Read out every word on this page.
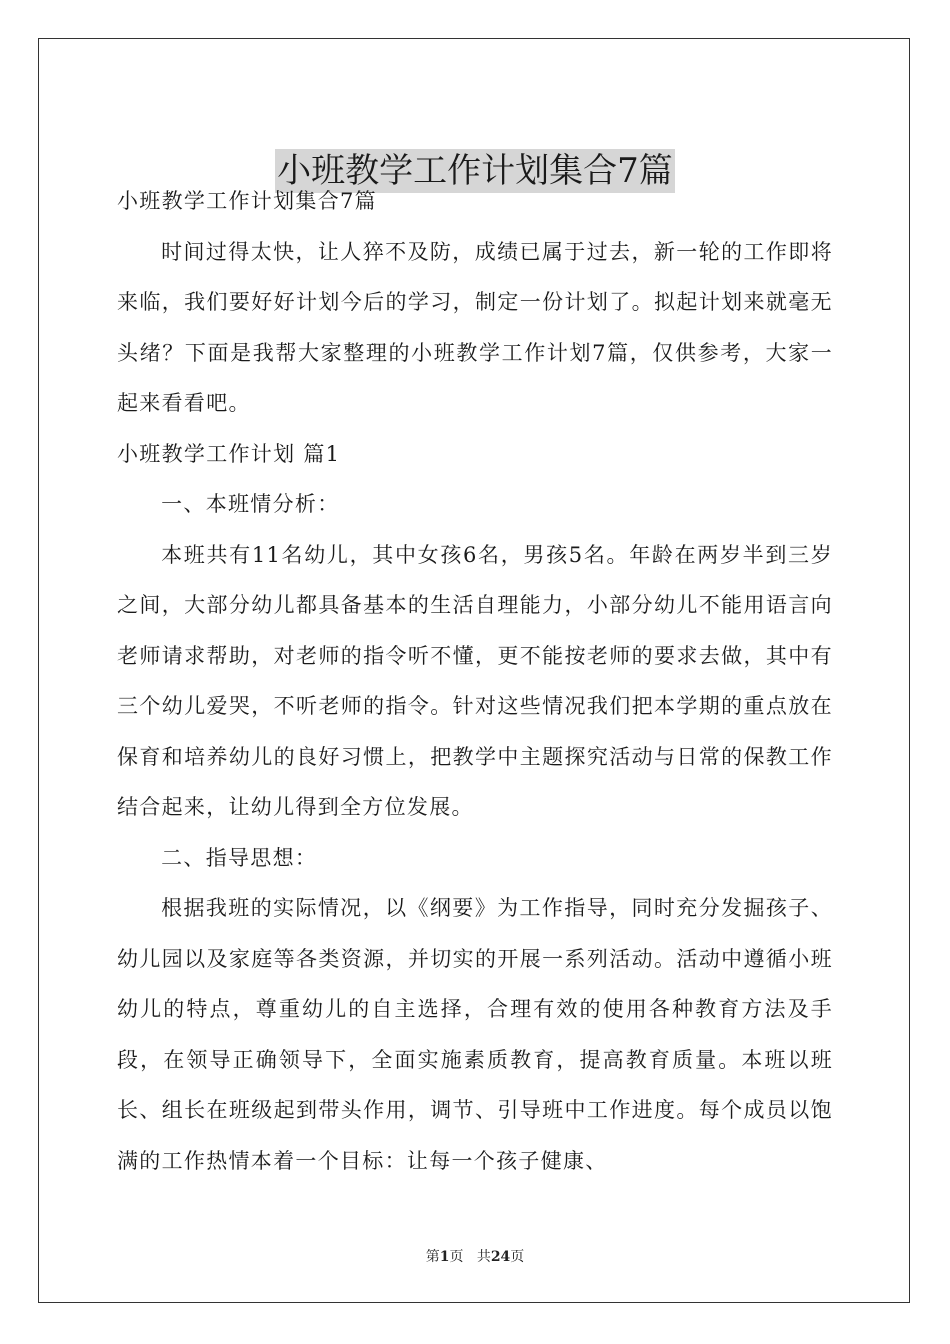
小班教学工作计划集合7篇

小班教学工作计划集合7篇

时间过得太快，让人猝不及防，成绩已属于过去，新一轮的工作即将来临，我们要好好计划今后的学习，制定一份计划了。拟起计划来就毫无头绪？下面是我帮大家整理的小班教学工作计划7篇，仅供参考，大家一起来看看吧。

小班教学工作计划 篇1

一、本班情分析：

本班共有11名幼儿，其中女孩6名，男孩5名。年龄在两岁半到三岁之间，大部分幼儿都具备基本的生活自理能力，小部分幼儿不能用语言向老师请求帮助，对老师的指令听不懂，更不能按老师的要求去做，其中有三个幼儿爱哭，不听老师的指令。针对这些情况我们把本学期的重点放在保育和培养幼儿的良好习惯上，把教学中主题探究活动与日常的保教工作结合起来，让幼儿得到全方位发展。

二、指导思想：

根据我班的实际情况，以《纲要》为工作指导，同时充分发掘孩子、幼儿园以及家庭等各类资源，并切实的开展一系列活动。活动中遵循小班幼儿的特点，尊重幼儿的自主选择，合理有效的使用各种教育方法及手段，在领导正确领导下，全面实施素质教育，提高教育质量。本班以班长、组长在班级起到带头作用，调节、引导班中工作进度。每个成员以饱满的工作热情本着一个目标：让每一个孩子健康、

第1页 共24页
